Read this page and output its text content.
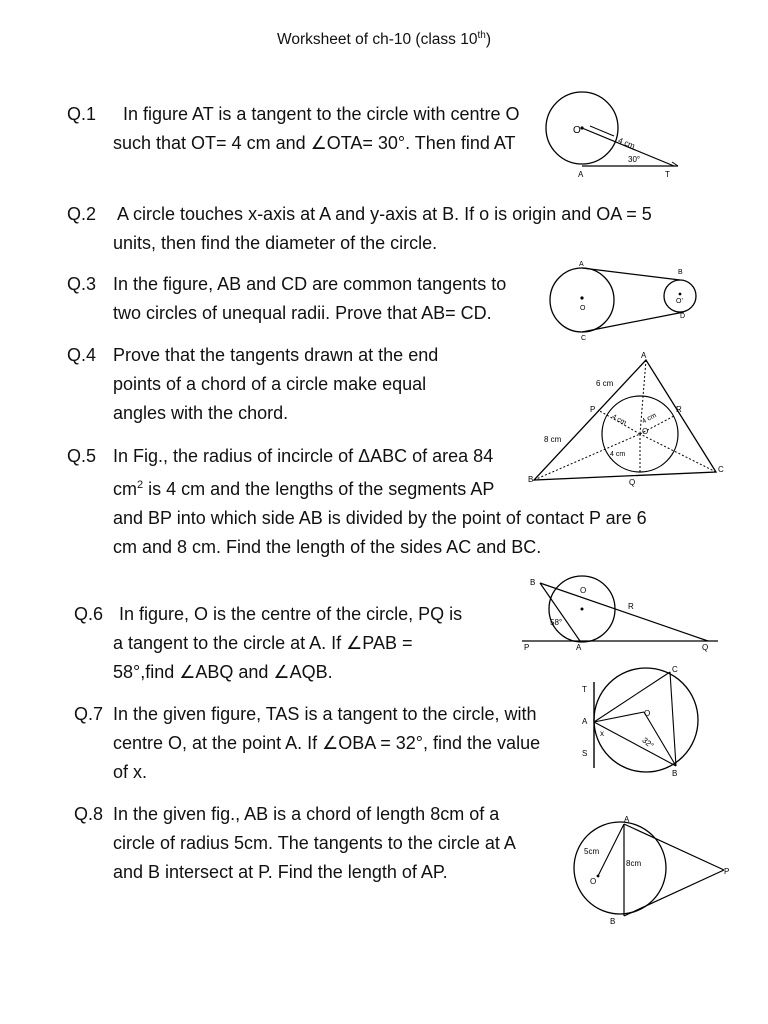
Worksheet of ch-10 (class 10th)
Q.1	In figure AT is a tangent to the circle with centre O such that OT= 4 cm and ∠OTA= 30°. Then find AT
O
A	T
4 cm
30°
Q.2 A circle touches x-axis at A and y-axis at B. If o is origin and OA = 5 units, then find the diameter of the circle.
Q.3 In the figure, AB and CD are common tangents to two circles of unequal radii. Prove that AB= CD.
A
B
C
D
O
O'
Q.4 Prove that the tangents drawn at the end points of a chord of a circle make equal angles with the chord.
Q.5 In Fig., the radius of incircle of ΔABC of area 84
$cm^2$ is 4 cm and the lengths of the segments AP
and BP into which side AB is divided by the point of contact P are 6 cm and 8 cm. Find the length of the sides AC and BC.
A
B
C
P
Q
R
O
6 cm
8 cm
4 cm 4 cm
4 cm
Q.6 In figure, O is the centre of the circle, PQ is a tangent to the circle at A. If ∠PAB = 58°,find ∠ABQ and ∠AQB.
B
O
R
P	A	Q
58°
Q.7 In the given figure, TAS is a tangent to the circle, with centre O, at the point A. If ∠OBA = 32°, find the value of x.
T
A
S
O
C
B
x
32°
Q.8 In the given fig., AB is a chord of length 8cm of a circle of radius 5cm. The tangents to the circle at A and B intersect at P. Find the length of AP.
A
B
P
O
5cm
8cm
